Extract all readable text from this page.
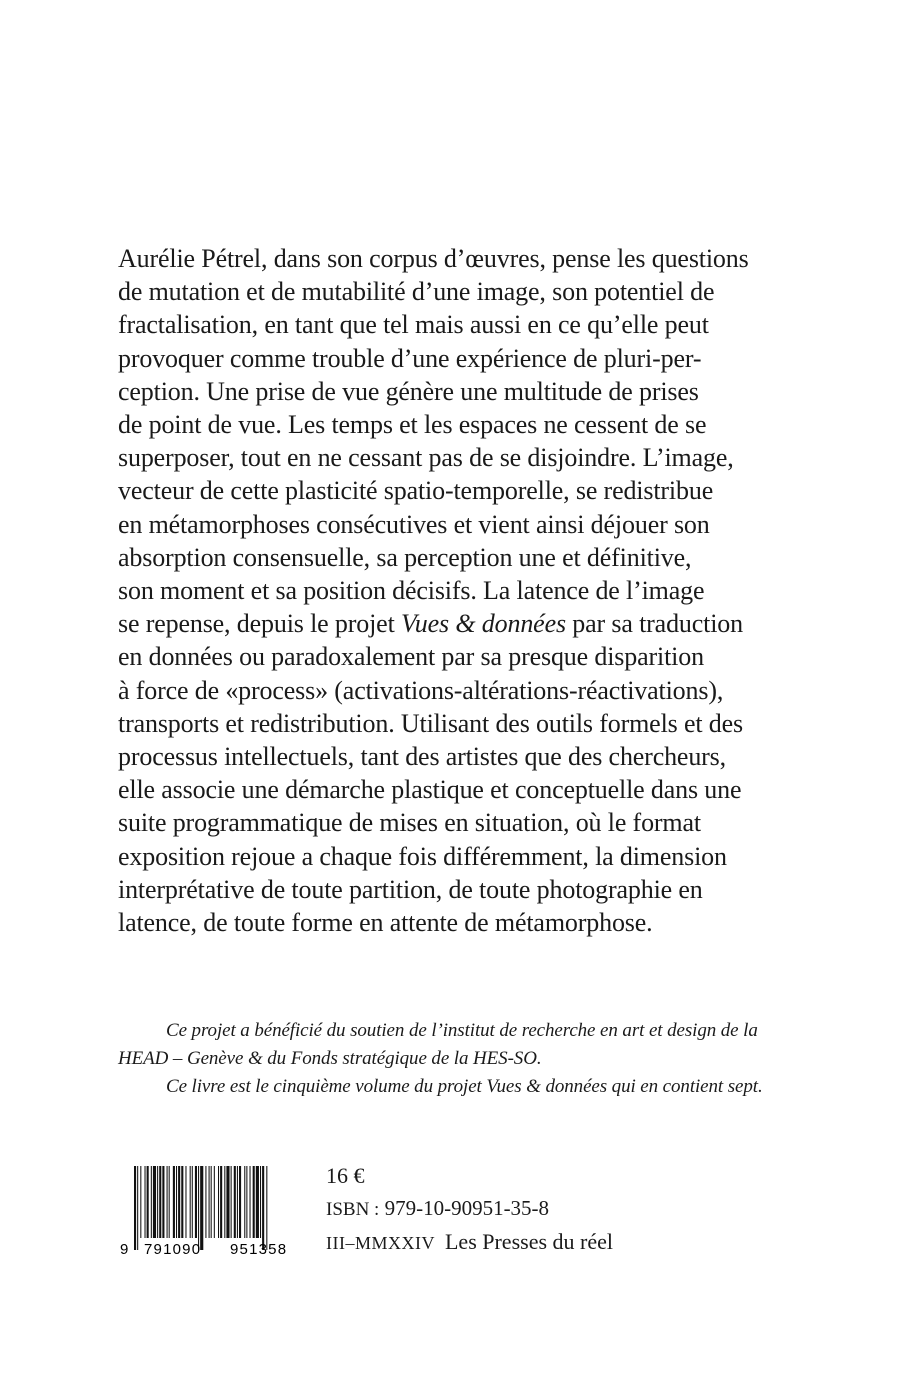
Aurélie Pétrel, dans son corpus d’œuvres, pense les questions
de mutation et de mutabilité d’une image, son potentiel de
fractalisation, en tant que tel mais aussi en ce qu’elle peut
provoquer comme trouble d’une expérience de pluri-per-
ception. Une prise de vue génère une multitude de prises
de point de vue. Les temps et les espaces ne cessent de se
superposer, tout en ne cessant pas de se disjoindre. L’image,
vecteur de cette plasticité spatio-temporelle, se redistribue
en métamorphoses consécutives et vient ainsi déjouer son
absorption consensuelle, sa perception une et définitive,
son moment et sa position décisifs. La latence de l’image
se repense, depuis le projet Vues & données par sa traduction
en données ou paradoxalement par sa presque disparition
à force de «process» (activations-altérations-réactivations),
transports et redistribution. Utilisant des outils formels et des
processus intellectuels, tant des artistes que des chercheurs,
elle associe une démarche plastique et conceptuelle dans une
suite programmatique de mises en situation, où le format
exposition rejoue a chaque fois différemment, la dimension
interprétative de toute partition, de toute photographie en
latence, de toute forme en attente de métamorphose.
Ce projet a bénéficié du soutien de l’institut de recherche en art et design de la
HEAD – Genève & du Fonds stratégique de la HES-SO.
Ce livre est le cinquième volume du projet Vues & données qui en contient sept.
9 791090 951358
16 €
ISBN : 979-10-90951-35-8
III–MMXXIV Les Presses du réel
